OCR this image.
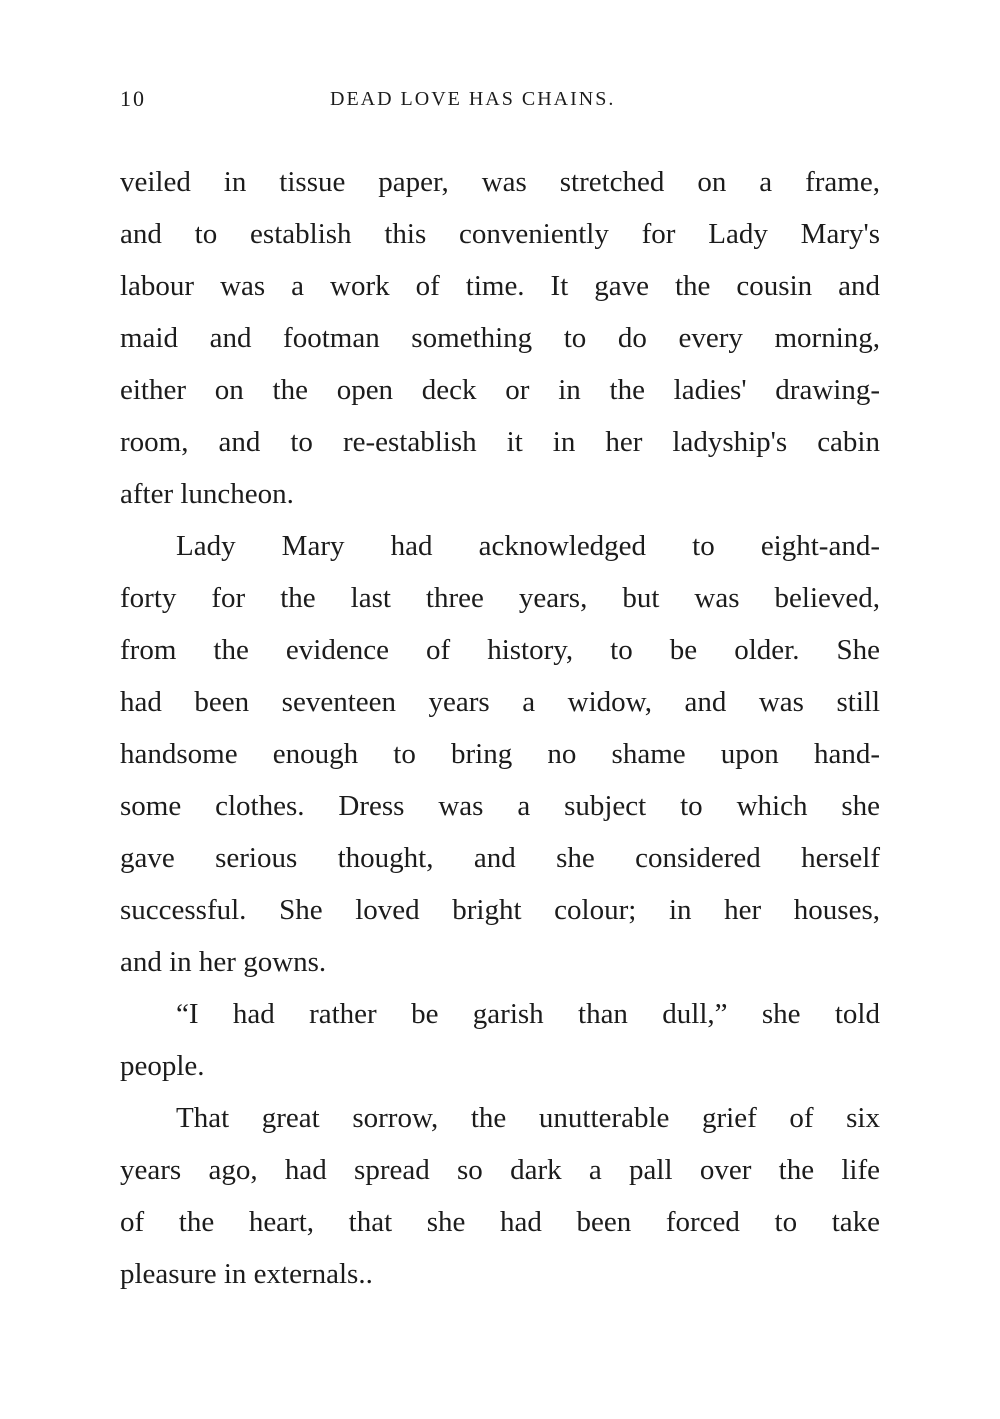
10	DEAD LOVE HAS CHAINS.
veiled in tissue paper, was stretched on a frame,
and to establish this conveniently for Lady Mary's
labour was a work of time. It gave the cousin and
maid and footman something to do every morning,
either on the open deck or in the ladies' drawing-
room, and to re-establish it in her ladyship's cabin
after luncheon.
Lady Mary had acknowledged to eight-and-
forty for the last three years, but was believed,
from the evidence of history, to be older. She
had been seventeen years a widow, and was still
handsome enough to bring no shame upon hand-
some clothes. Dress was a subject to which she
gave serious thought, and she considered herself
successful. She loved bright colour; in her houses,
and in her gowns.
“I had rather be garish than dull,” she told
people.
That great sorrow, the unutterable grief of six
years ago, had spread so dark a pall over the life
of the heart, that she had been forced to take
pleasure in externals..
